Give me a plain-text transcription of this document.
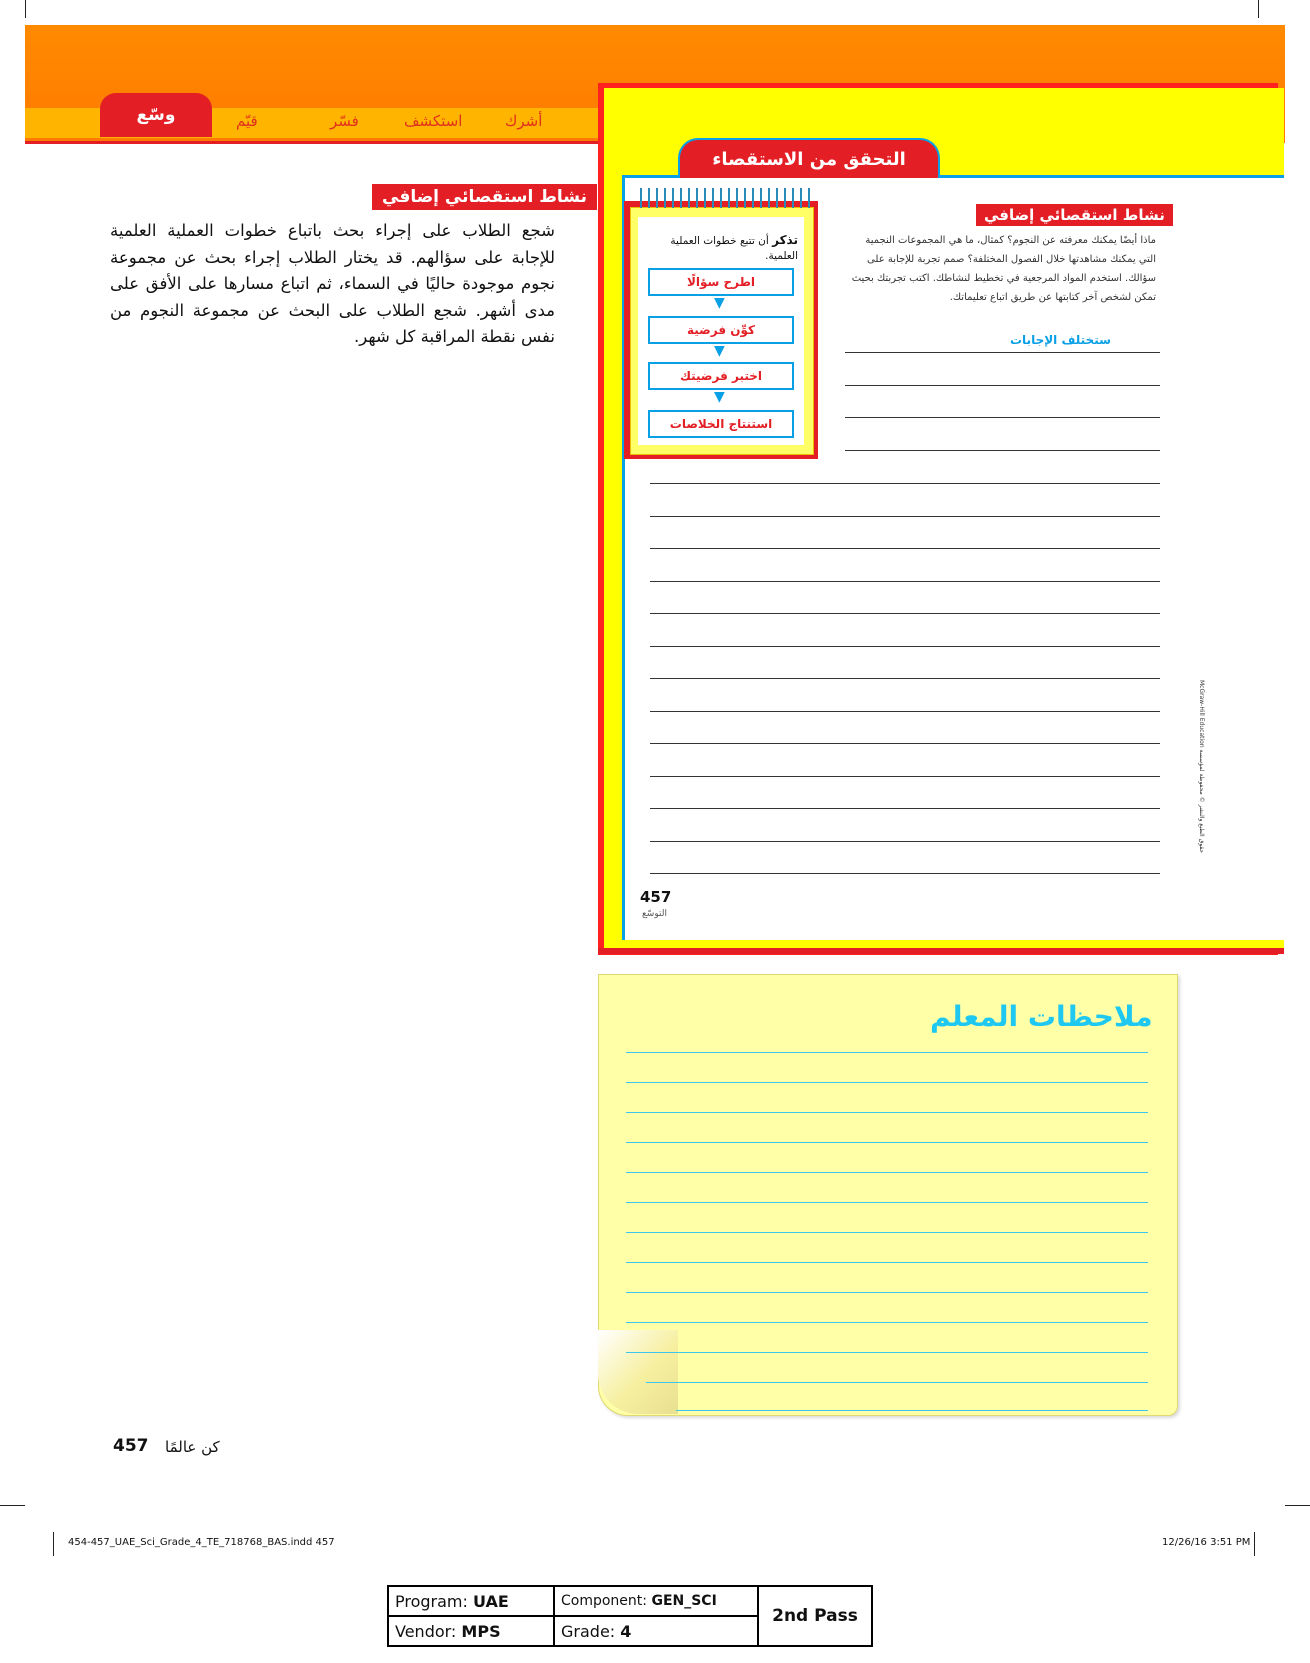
أشرك
استكشف
فسّر
قيّم
وسّع
نشاط استقصائي إضافي
شجع الطلاب على إجراء بحث باتباع خطوات العملية العلمية للإجابة على سؤالهم. قد يختار الطلاب إجراء بحث عن مجموعة نجوم موجودة حاليًا في السماء، ثم اتباع مسارها على الأفق على مدى أشهر. شجع الطلاب على البحث عن مجموعة النجوم من نفس نقطة المراقبة كل شهر.
التحقق من الاستقصاء
تذكر أن تتبع خطوات العملية العلمية.
اطرح سؤالًا
▼
كوِّن فرضية
▼
اختبر فرضيتك
▼
استنتاج الخلاصات
نشاط استقصائي إضافي
ماذا أيضًا يمكنك معرفته عن النجوم؟ كمثال، ما هي المجموعات النجمية التي يمكنك مشاهدتها خلال الفصول المختلفة؟ صمم تجربة للإجابة على سؤالك. استخدم المواد المرجعية في تخطيط لنشاطك. اكتب تجربتك بحيث تمكن لشخص آخر كتابتها عن طريق اتباع تعليماتك.
ستختلف الإجابات
457
التوسّع
McGraw-Hill Education حقوق الطبع والنشر © محفوظة لمؤسسة
ملاحظات المعلم
457 كن عالمًا
454-457_UAE_Sci_Grade_4_TE_718768_BAS.indd 457	12/26/16 3:51 PM
Program: UAE	Component: GEN_SCI	2nd Pass
Vendor: MPS	Grade: 4	
